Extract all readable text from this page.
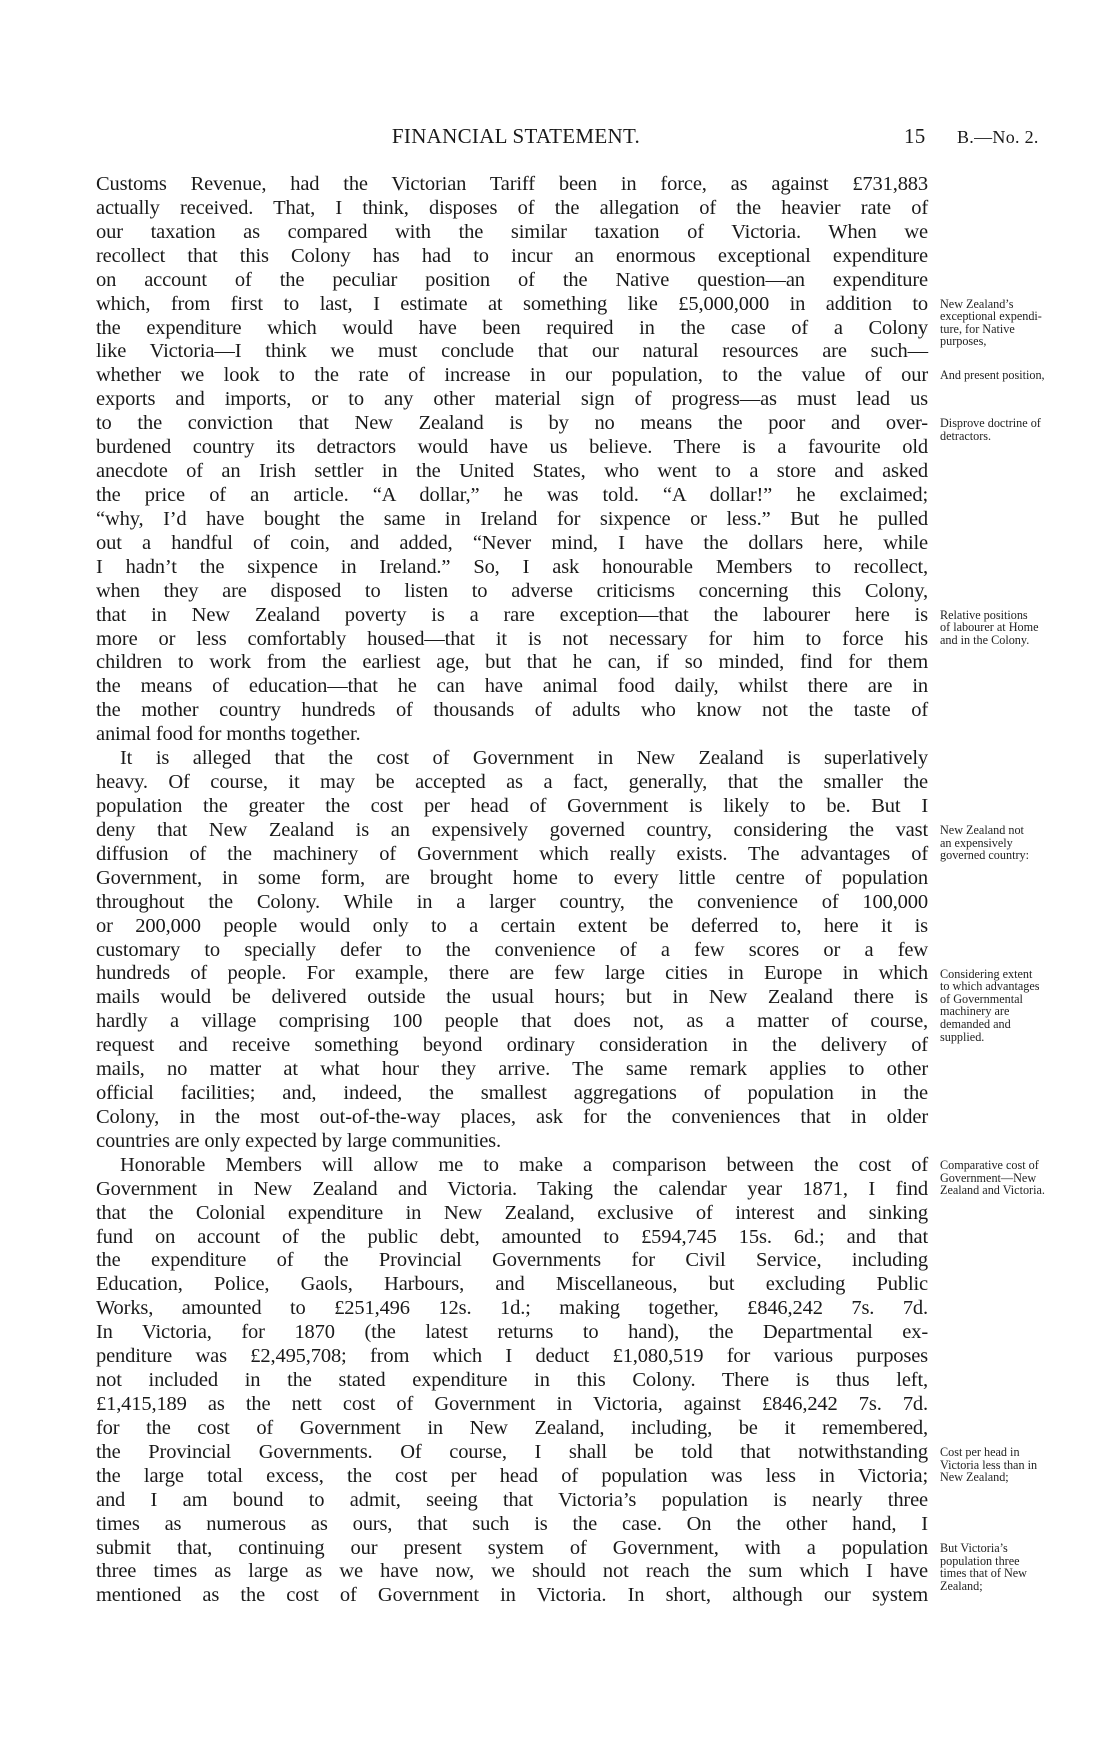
FINANCIAL STATEMENT.	15 B.—No. 2.
Customs Revenue, had the Victorian Tariff been in force, as against £731,883
actually received. That, I think, disposes of the allegation of the heavier rate of
our taxation as compared with the similar taxation of Victoria. When we
recollect that this Colony has had to incur an enormous exceptional expenditure
on account of the peculiar position of the Native question—an expenditure
which, from first to last, I estimate at something like £5,000,000 in addition to
the expenditure which would have been required in the case of a Colony
like Victoria—I think we must conclude that our natural resources are such—
whether we look to the rate of increase in our population, to the value of our
exports and imports, or to any other material sign of progress—as must lead us
to the conviction that New Zealand is by no means the poor and over-
burdened country its detractors would have us believe. There is a favourite old
anecdote of an Irish settler in the United States, who went to a store and asked
the price of an article. “A dollar,” he was told. “A dollar!” he exclaimed;
“why, I’d have bought the same in Ireland for sixpence or less.” But he pulled
out a handful of coin, and added, “Never mind, I have the dollars here, while
I hadn’t the sixpence in Ireland.” So, I ask honourable Members to recollect,
when they are disposed to listen to adverse criticisms concerning this Colony,
that in New Zealand poverty is a rare exception—that the labourer here is
more or less comfortably housed—that it is not necessary for him to force his
children to work from the earliest age, but that he can, if so minded, find for them
the means of education—that he can have animal food daily, whilst there are in
the mother country hundreds of thousands of adults who know not the taste of
animal food for months together.
It is alleged that the cost of Government in New Zealand is superlatively
heavy. Of course, it may be accepted as a fact, generally, that the smaller the
population the greater the cost per head of Government is likely to be. But I
deny that New Zealand is an expensively governed country, considering the vast
diffusion of the machinery of Government which really exists. The advantages of
Government, in some form, are brought home to every little centre of population
throughout the Colony. While in a larger country, the convenience of 100,000
or 200,000 people would only to a certain extent be deferred to, here it is
customary to specially defer to the convenience of a few scores or a few
hundreds of people. For example, there are few large cities in Europe in which
mails would be delivered outside the usual hours; but in New Zealand there is
hardly a village comprising 100 people that does not, as a matter of course,
request and receive something beyond ordinary consideration in the delivery of
mails, no matter at what hour they arrive. The same remark applies to other
official facilities; and, indeed, the smallest aggregations of population in the
Colony, in the most out-of-the-way places, ask for the conveniences that in older
countries are only expected by large communities.
Honorable Members will allow me to make a comparison between the cost of
Government in New Zealand and Victoria. Taking the calendar year 1871, I find
that the Colonial expenditure in New Zealand, exclusive of interest and sinking
fund on account of the public debt, amounted to £594,745 15s. 6d.; and that
the expenditure of the Provincial Governments for Civil Service, including
Education, Police, Gaols, Harbours, and Miscellaneous, but excluding Public
Works, amounted to £251,496 12s. 1d.; making together, £846,242 7s. 7d.
In Victoria, for 1870 (the latest returns to hand), the Departmental ex-
penditure was £2,495,708; from which I deduct £1,080,519 for various purposes
not included in the stated expenditure in this Colony. There is thus left,
£1,415,189 as the nett cost of Government in Victoria, against £846,242 7s. 7d.
for the cost of Government in New Zealand, including, be it remembered,
the Provincial Governments. Of course, I shall be told that notwithstanding
the large total excess, the cost per head of population was less in Victoria;
and I am bound to admit, seeing that Victoria’s population is nearly three
times as numerous as ours, that such is the case. On the other hand, I
submit that, continuing our present system of Government, with a population
three times as large as we have now, we should not reach the sum which I have
mentioned as the cost of Government in Victoria. In short, although our system
New Zealand’s
exceptional expendi-
ture, for Native
purposes,
And present position,
Disprove doctrine of
detractors.
Relative positions
of labourer at Home
and in the Colony.
New Zealand not
an expensively
governed country:
Considering extent
to which advantages
of Governmental
machinery are
demanded and
supplied.
Comparative cost of
Government—New
Zealand and Victoria.
Cost per head in
Victoria less than in
New Zealand;
But Victoria’s
population three
times that of New
Zealand;
